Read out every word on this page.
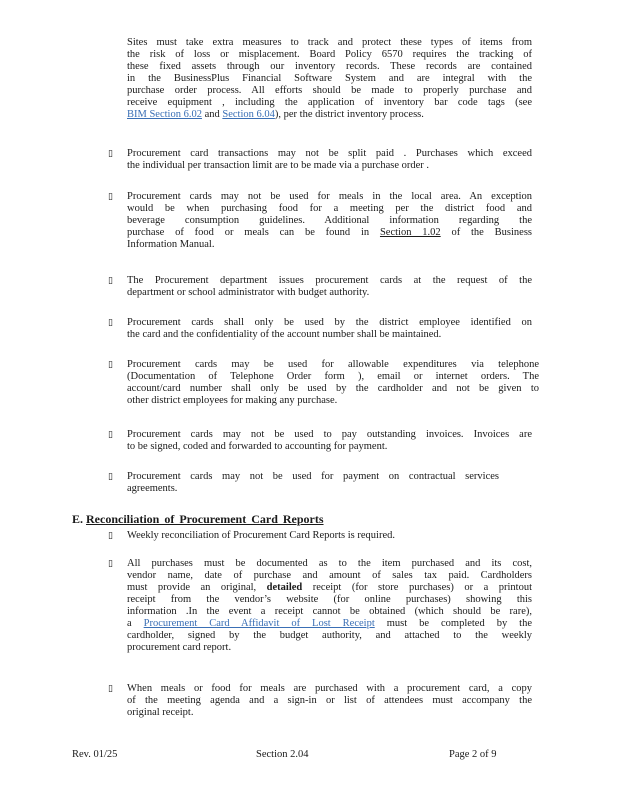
Sites must take extra measures to track and protect these types of items from
the risk of loss or misplacement. Board Policy 6570 requires the tracking of
these fixed assets through our inventory records. These records are contained
in the BusinessPlus Financial Software System and are integral with the
purchase order process. All efforts should be made to properly purchase and
receive equipment , including the application of inventory bar code tags (see
BIM Section 6.02 and Section 6.04), per the district inventory process.
▯ Procurement card transactions may not be split paid . Purchases which exceed
the individual per transaction limit are to be made via a purchase order .
▯ Procurement cards may not be used for meals in the local area. An exception
would be when purchasing food for a meeting per the district food and
beverage consumption guidelines. Additional information regarding the
purchase of food or meals can be found in Section 1.02 of the Business
Information Manual.
▯ The Procurement department issues procurement cards at the request of the
department or school administrator with budget authority.
▯ Procurement cards shall only be used by the district employee identified on
the card and the confidentiality of the account number shall be maintained.
▯ Procurement cards may be used for allowable expenditures via telephone
(Documentation of Telephone Order form ), email or internet orders. The
account/card number shall only be used by the cardholder and not be given to
other district employees for making any purchase.
▯ Procurement cards may not be used to pay outstanding invoices. Invoices are
to be signed, coded and forwarded to accounting for payment.
▯ Procurement cards may not be used for payment on contractual services
agreements.
E. Reconciliation of Procurement Card Reports
▯ Weekly reconciliation of Procurement Card Reports is required.
▯ All purchases must be documented as to the item purchased and its cost,
vendor name, date of purchase and amount of sales tax paid. Cardholders
must provide an original, detailed receipt (for store purchases) or a printout
receipt from the vendor’s website (for online purchases) showing this
information .In the event a receipt cannot be obtained (which should be rare),
a Procurement Card Affidavit of Lost Receipt must be completed by the
cardholder, signed by the budget authority, and attached to the weekly
procurement card report.
▯ When meals or food for meals are purchased with a procurement card, a copy
of the meeting agenda and a sign-in or list of attendees must accompany the
original receipt.
Rev. 01/25	Section 2.04	Page 2 of 9
